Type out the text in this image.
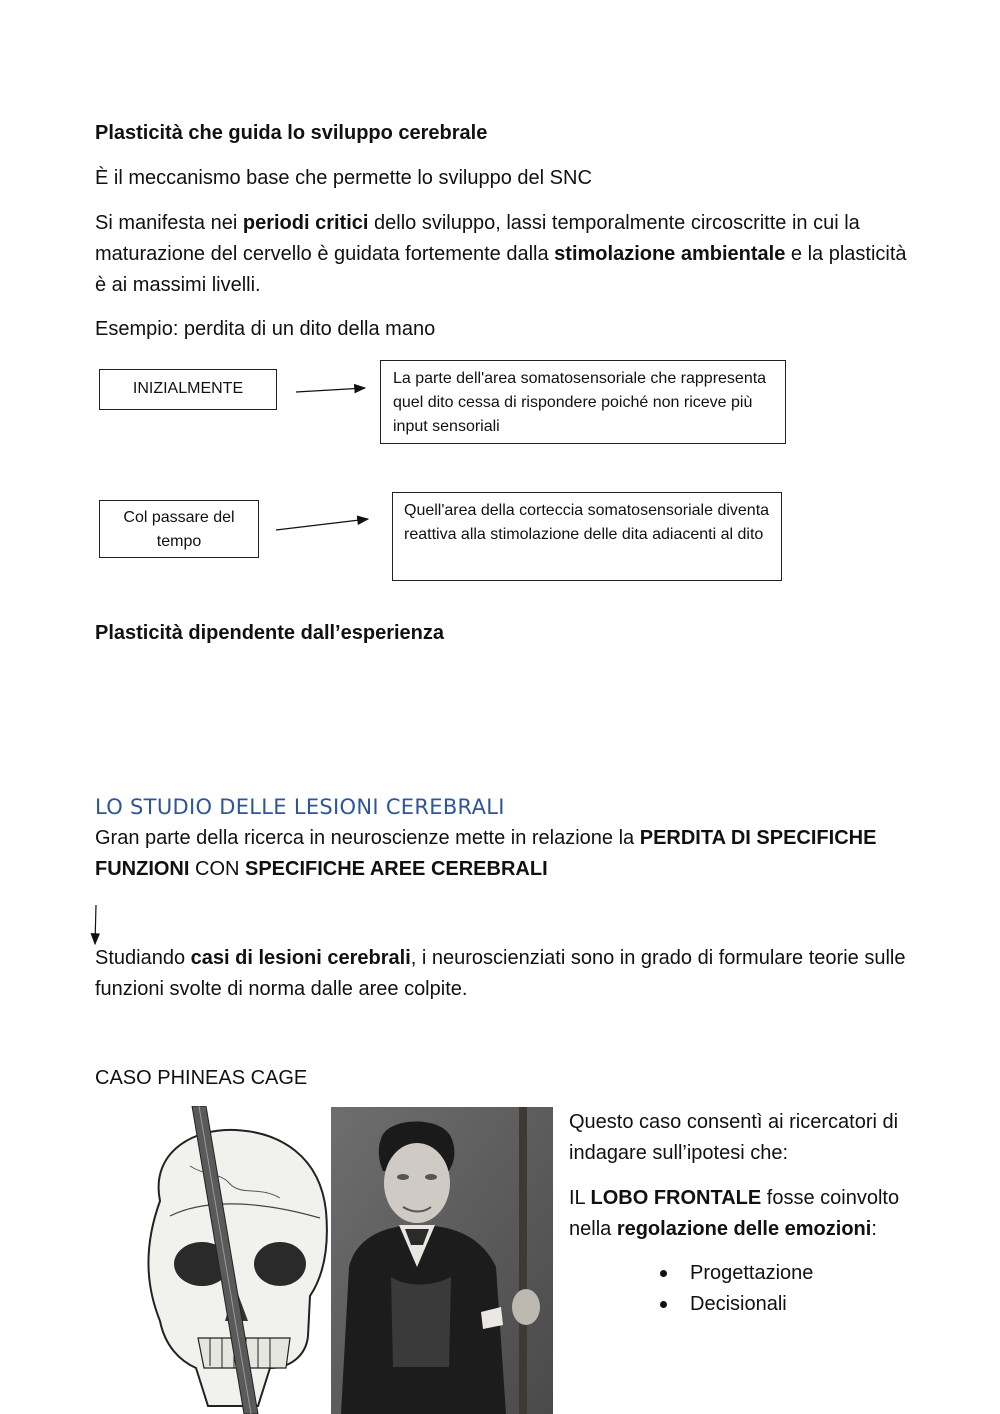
Plasticità che guida lo sviluppo cerebrale
È il meccanismo base che permette lo sviluppo del SNC
Si manifesta nei periodi critici dello sviluppo, lassi temporalmente circoscritte in cui la maturazione del cervello è guidata fortemente dalla stimolazione ambientale e la plasticità è ai massimi livelli.
Esempio: perdita di un dito della mano
INIZIALMENTE
La parte dell'area somatosensoriale che rappresenta quel dito cessa di rispondere poiché non riceve più input sensoriali
Col passare del tempo
Quell'area della corteccia somatosensoriale diventa reattiva alla stimolazione delle dita adiacenti al dito
Plasticità dipendente dall’esperienza
LO STUDIO DELLE LESIONI CEREBRALI
Gran parte della ricerca in neuroscienze mette in relazione la PERDITA DI SPECIFICHE FUNZIONI CON SPECIFICHE AREE CEREBRALI
Studiando casi di lesioni cerebrali, i neuroscienziati sono in grado di formulare teorie sulle funzioni svolte di norma dalle aree colpite.
CASO PHINEAS CAGE
Questo caso consentì ai ricercatori di indagare sull’ipotesi che:
IL LOBO FRONTALE fosse coinvolto nella regolazione delle emozioni:
Progettazione
Decisionali
